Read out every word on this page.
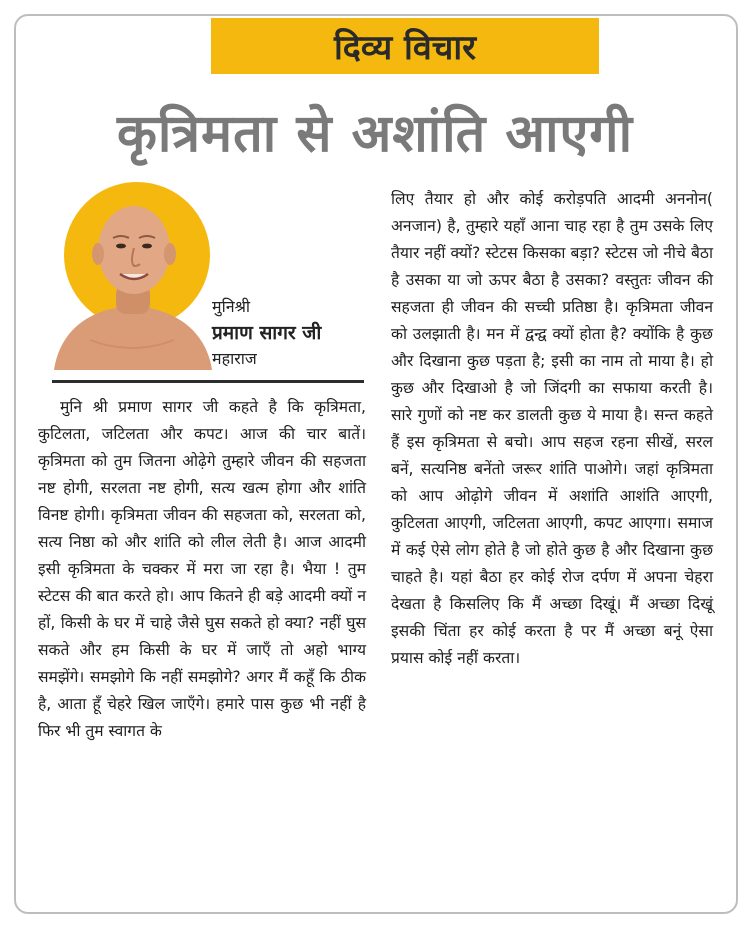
दिव्य विचार
कृत्रिमता से अशांति आएगी
मुनिश्री
प्रमाण सागर जी
महाराज

मुनि श्री प्रमाण सागर जी कहते है कि कृत्रिमता, कुटिलता, जटिलता और कपट। आज की चार बातें। कृत्रिमता को तुम जितना ओढ़ेगे तुम्हारे जीवन की सहजता नष्ट होगी, सरलता नष्ट होगी, सत्य खत्म होगा और शांति विनष्ट होगी। कृत्रिमता जीवन की सहजता को, सरलता को, सत्य निष्ठा को और शांति को लील लेती है। आज आदमी इसी कृत्रिमता के चक्कर में मरा जा रहा है। भैया ! तुम स्टेटस की बात करते हो। आप कितने ही बड़े आदमी क्यों न हों, किसी के घर में चाहे जैसे घुस सकते हो क्या? नहीं घुस सकते और हम किसी के घर में जाएँ तो अहो भाग्य समझेंगे। समझोगे कि नहीं समझोगे? अगर मैं कहूँ कि ठीक है, आता हूँ चेहरे खिल जाएँगे। हमारे पास कुछ भी नहीं है फिर भी तुम स्वागत के

लिए तैयार हो और कोई करोड़पति आदमी अननोन( अनजान) है, तुम्हारे यहाँ आना चाह रहा है तुम उसके लिए तैयार नहीं क्यों? स्टेटस किसका बड़ा? स्टेटस जो नीचे बैठा है उसका या जो ऊपर बैठा है उसका? वस्तुतः जीवन की सहजता ही जीवन की सच्ची प्रतिष्ठा है। कृत्रिमता जीवन को उलझाती है। मन में द्वन्द्व क्यों होता है? क्योंकि है कुछ और दिखाना कुछ पड़ता है; इसी का नाम तो माया है। हो कुछ और दिखाओ है जो जिंदगी का सफाया करती है। सारे गुणों को नष्ट कर डालती कुछ ये माया है। सन्त कहते हैं इस कृत्रिमता से बचो। आप सहज रहना सीखें, सरल बनें, सत्यनिष्ठ बनेंतो जरूर शांति पाओगे। जहां कृत्रिमता को आप ओढ़ोगे जीवन में अशांति आशंति आएगी, कुटिलता आएगी, जटिलता आएगी, कपट आएगा। समाज में कई ऐसे लोग होते है जो होते कुछ है और दिखाना कुछ चाहते है। यहां बैठा हर कोई रोज दर्पण में अपना चेहरा देखता है किसलिए कि मैं अच्छा दिखूं। मैं अच्छा दिखूं इसकी चिंता हर कोई करता है पर मैं अच्छा बनूं ऐसा प्रयास कोई नहीं करता।
